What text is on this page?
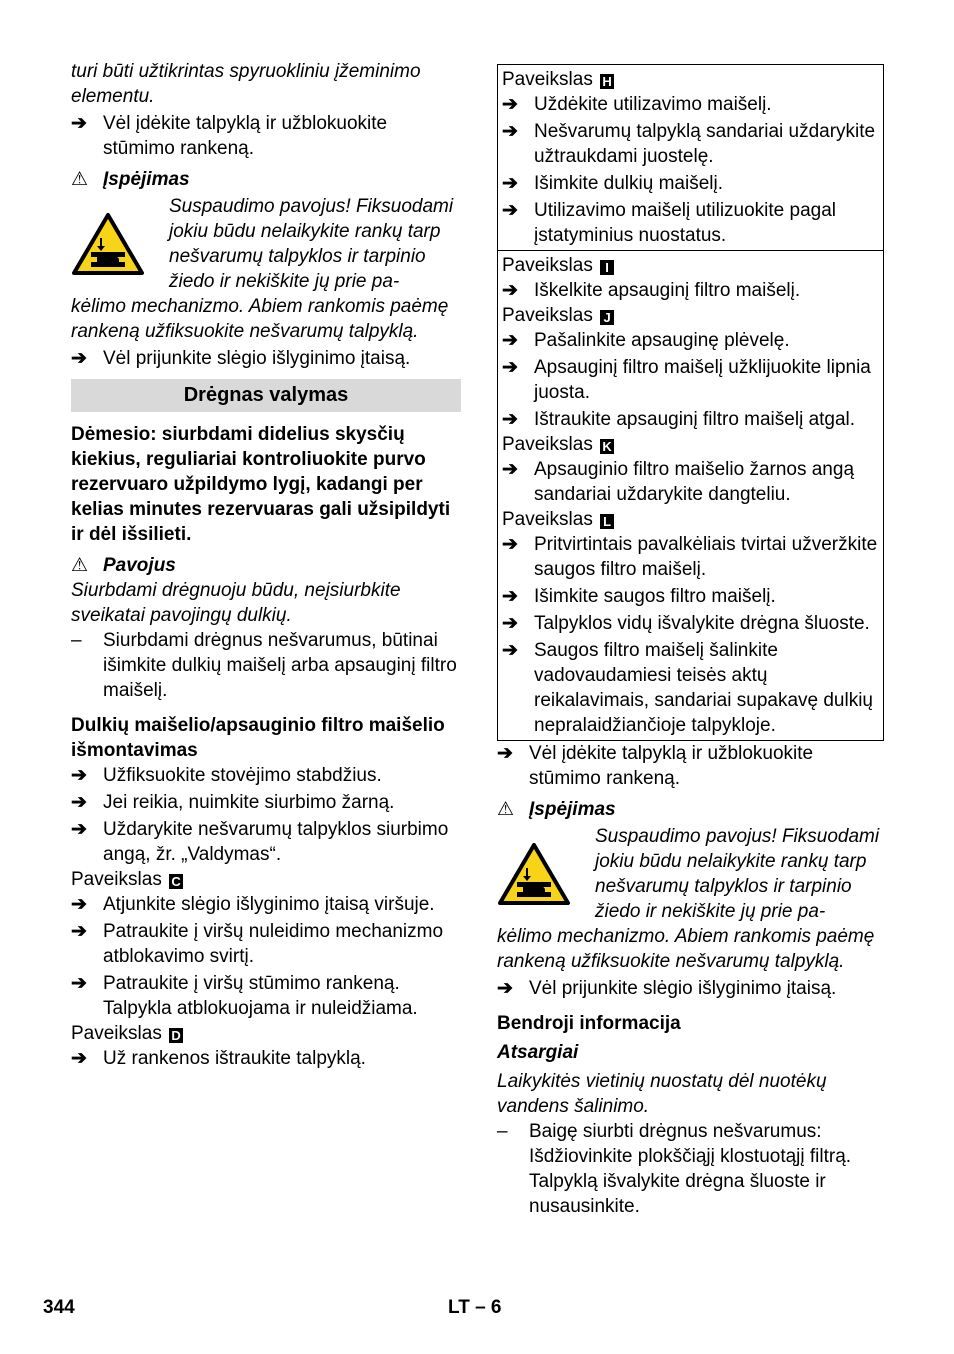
turi būti užtikrintas spyruokliniu įžeminimo elementu.

➔ Vėl įdėkite talpyklą ir užblokuokite stūmimo rankeną.
⚠ Įspėjimas
Suspaudimo pavojus! Fiksuodami jokiu būdu nelaikykite rankų tarp nešvarumų talpyklos ir tarpinio žiedo ir nekiškite jų prie pa-

kėlimo mechanizmo. Abiem rankomis paėmę rankeną užfiksuokite nešvarumų talpyklą.

➔ Vėl prijunkite slėgio išlyginimo įtaisą.
Drėgnas valymas

Dėmesio: siurbdami didelius skysčių kiekius, reguliariai kontroliuokite purvo rezervuaro užpildymo lygį, kadangi per kelias minutes rezervuaras gali užsipildyti ir dėl išsilieti.

⚠ Pavojus

Siurbdami drėgnuoju būdu, neįsiurbkite sveikatai pavojingų dulkių.

– Siurbdami drėgnus nešvarumus, būtinai išimkite dulkių maišelį arba apsauginį filtro maišelį.
Dulkių maišelio/apsauginio filtro maišelio išmontavimas
➔ Užfiksuokite stovėjimo stabdžius.
➔ Jei reikia, nuimkite siurbimo žarną.
➔ Uždarykite nešvarumų talpyklos siurbimo angą, žr. „Valdymas“.
Paveikslas C
➔ Atjunkite slėgio išlyginimo įtaisą viršuje.
➔ Patraukite į viršų nuleidimo mechanizmo atblokavimo svirtį.
➔ Patraukite į viršų stūmimo rankeną. Talpykla atblokuojama ir nuleidžiama.
Paveikslas D
➔ Už rankenos ištraukite talpyklą.
Paveikslas H
➔ Uždėkite utilizavimo maišelį.
➔ Nešvarumų talpyklą sandariai uždarykite užtraukdami juostelę.
➔ Išimkite dulkių maišelį.
➔ Utilizavimo maišelį utilizuokite pagal įstatyminius nuostatus.
Paveikslas I
➔ Iškelkite apsauginį filtro maišelį.
Paveikslas J
➔ Pašalinkite apsauginę plėvelę.
➔ Apsauginį filtro maišelį užklijuokite lipnia juosta.
➔ Ištraukite apsauginį filtro maišelį atgal.
Paveikslas K
➔ Apsauginio filtro maišelio žarnos angą sandariai uždarykite dangteliu.
Paveikslas L
➔ Pritvirtintais pavalkėliais tvirtai užveržkite saugos filtro maišelį.
➔ Išimkite saugos filtro maišelį.
➔ Talpyklos vidų išvalykite drėgna šluoste.
➔ Saugos filtro maišelį šalinkite vadovaudamiesi teisės aktų reikalavimais, sandariai supakavę dulkių nepralaidžiančioje talpykloje.
➔ Vėl įdėkite talpyklą ir užblokuokite stūmimo rankeną.
⚠ Įspėjimas
Suspaudimo pavojus! Fiksuodami jokiu būdu nelaikykite rankų tarp nešvarumų talpyklos ir tarpinio žiedo ir nekiškite jų prie pa-

kėlimo mechanizmo. Abiem rankomis paėmę rankeną užfiksuokite nešvarumų talpyklą.

➔ Vėl prijunkite slėgio išlyginimo įtaisą.
Bendroji informacija
Atsargiai

Laikykitės vietinių nuostatų dėl nuotėkų vandens šalinimo.

– Baigę siurbti drėgnus nešvarumus: Išdžiovinkite plokščiąjį klostuotąjį filtrą. Talpyklą išvalykite drėgna šluoste ir nusausinkite.
344	LT – 6
